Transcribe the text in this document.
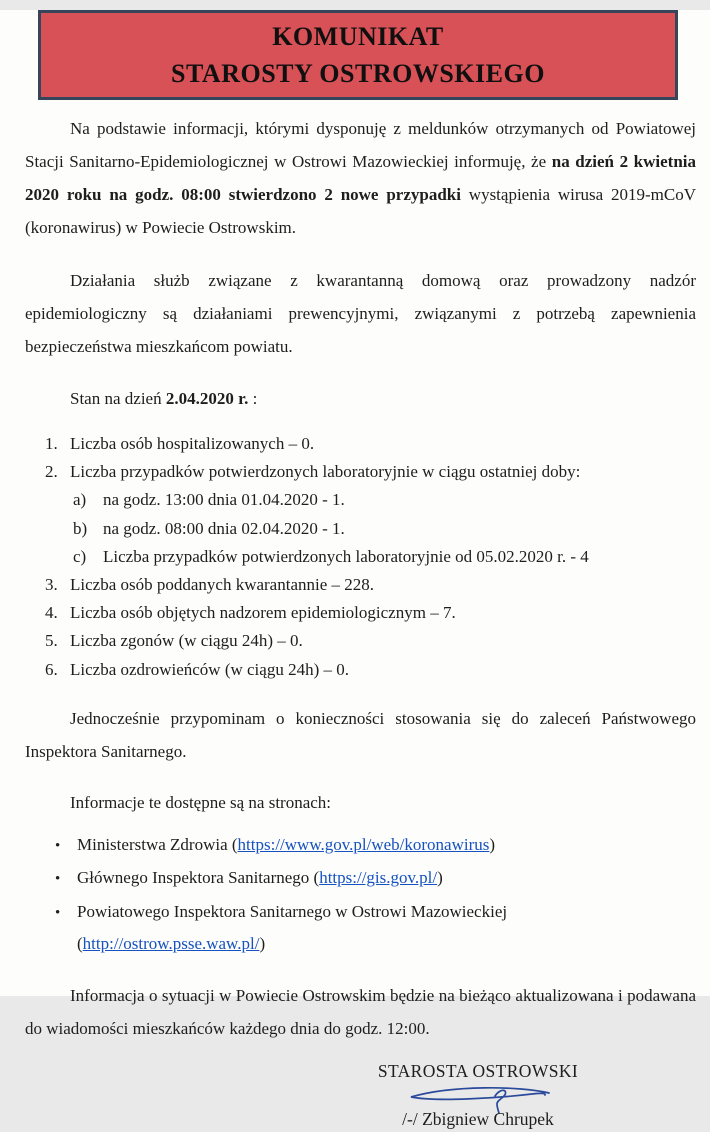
KOMUNIKAT
STAROSTY OSTROWSKIEGO

Na podstawie informacji, którymi dysponuję z meldunków otrzymanych od Powiatowej Stacji Sanitarno-Epidemiologicznej w Ostrowi Mazowieckiej informuję, że na dzień 2 kwietnia 2020 roku na godz. 08:00 stwierdzono 2 nowe przypadki wystąpienia wirusa 2019-mCoV (koronawirus) w Powiecie Ostrowskim.

Działania służb związane z kwarantanną domową oraz prowadzony nadzór epidemiologiczny są działaniami prewencyjnymi, związanymi z potrzebą zapewnienia bezpieczeństwa mieszkańcom powiatu.

Stan na dzień 2.04.2020 r. :

1. Liczba osób hospitalizowanych – 0.
2. Liczba przypadków potwierdzonych laboratoryjnie w ciągu ostatniej doby:
a) na godz. 13:00 dnia 01.04.2020 - 1.
b) na godz. 08:00 dnia 02.04.2020 - 1.
c) Liczba przypadków potwierdzonych laboratoryjnie od 05.02.2020 r. - 4
3. Liczba osób poddanych kwarantannie – 228.
4. Liczba osób objętych nadzorem epidemiologicznym – 7.
5. Liczba zgonów (w ciągu 24h) – 0.
6. Liczba ozdrowieńców (w ciągu 24h) – 0.

Jednocześnie przypominam o konieczności stosowania się do zaleceń Państwowego Inspektora Sanitarnego.

Informacje te dostępne są na stronach:

• Ministerstwa Zdrowia (https://www.gov.pl/web/koronawirus)
• Głównego Inspektora Sanitarnego (https://gis.gov.pl/)
• Powiatowego Inspektora Sanitarnego w Ostrowi Mazowieckiej (http://ostrow.psse.waw.pl/)

Informacja o sytuacji w Powiecie Ostrowskim będzie na bieżąco aktualizowana i podawana do wiadomości mieszkańców każdego dnia do godz. 12:00.

STAROSTA OSTROWSKI
/-/ Zbigniew Chrupek
